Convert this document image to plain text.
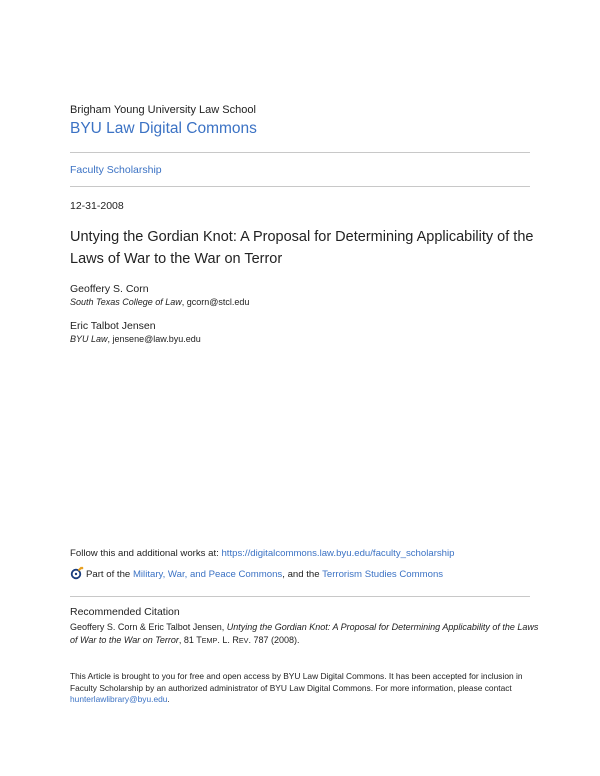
Brigham Young University Law School
BYU Law Digital Commons
Faculty Scholarship
12-31-2008
Untying the Gordian Knot: A Proposal for Determining Applicability of the Laws of War to the War on Terror
Geoffery S. Corn
South Texas College of Law, gcorn@stcl.edu
Eric Talbot Jensen
BYU Law, jensene@law.byu.edu
Follow this and additional works at: https://digitalcommons.law.byu.edu/faculty_scholarship
Part of the Military, War, and Peace Commons, and the Terrorism Studies Commons
Recommended Citation
Geoffery S. Corn & Eric Talbot Jensen, Untying the Gordian Knot: A Proposal for Determining Applicability of the Laws of War to the War on Terror, 81 TEMP. L. REV. 787 (2008).
This Article is brought to you for free and open access by BYU Law Digital Commons. It has been accepted for inclusion in Faculty Scholarship by an authorized administrator of BYU Law Digital Commons. For more information, please contact hunterlawlibrary@byu.edu.
